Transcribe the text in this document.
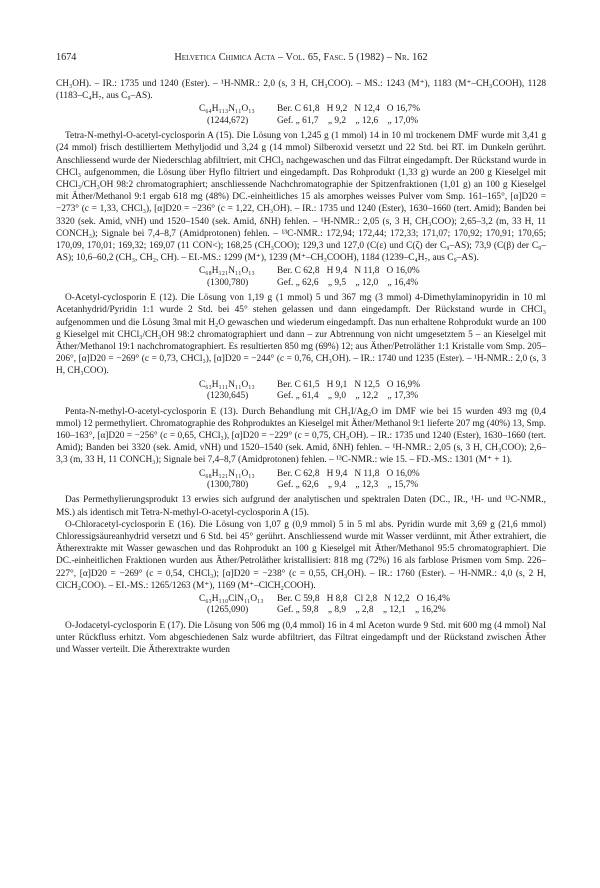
1674	Helvetica Chimica Acta – Vol. 65, Fasc. 5 (1982) – Nr. 162

CH₃OH). – IR.: 1735 und 1240 (Ester). – ¹H-NMR.: 2,0 (s, 3 H, CH₃COO). – MS.: 1243 (M⁺), 1183 (M⁺–CH₃COOH), 1128 (1183–C₄H₇, aus C₉–AS).

C₆₄H₁₁₃N₁₁O₁₃
(1244,672)
Ber. C 61,8   H 9,2   N 12,4   O 16,7%
Gef. „ 61,7    „ 9,2    „ 12,6    „ 17,0%

Tetra-N-methyl-O-acetyl-cyclosporin A (15). Die Lösung von 1,245 g (1 mmol) 14 in 10 ml trockenem DMF wurde mit 3,41 g (24 mmol) frisch destilliertem Methyljodid und 3,24 g (14 mmol) Silberoxid versetzt und 22 Std. bei RT. im Dunkeln gerührt. Anschliessend wurde der Niederschlag abfiltriert, mit CHCl₃ nachgewaschen und das Filtrat eingedampft. Der Rückstand wurde in CHCl₃ aufgenommen, die Lösung über Hyflo filtriert und eingedampft. Das Rohprodukt (1,33 g) wurde an 200 g Kieselgel mit CHCl₃/CH₃OH 98:2 chromatographiert; anschliessende Nachchromatographie der Spitzenfraktionen (1,01 g) an 100 g Kieselgel mit Äther/Methanol 9:1 ergab 618 mg (48%) DC.-einheitliches 15 als amorphes weisses Pulver vom Smp. 161–165°, [α]D20 = −273° (c = 1,33, CHCl₃), [α]D20 = −236° (c = 1,22, CH₃OH). – IR.: 1735 und 1240 (Ester), 1630–1660 (tert. Amid); Banden bei 3320 (sek. Amid, νNH) und 1520–1540 (sek. Amid, δNH) fehlen. – ¹H-NMR.: 2,05 (s, 3 H, CH₃COO); 2,65–3,2 (m, 33 H, 11 CONCH₃); Signale bei 7,4–8,7 (Amidprotonen) fehlen. – ¹³C-NMR.: 172,94; 172,44; 172,33; 171,07; 170,92; 170,91; 170,65; 170,09, 170,01; 169,32; 169,07 (11 CON<); 168,25 (CH₃COO); 129,3 und 127,0 (C(ε) und C(ζ) der C₉–AS); 73,9 (C(β) der C₉–AS); 10,6–60,2 (CH₃, CH₂, CH). – EI.-MS.: 1299 (M⁺), 1239 (M⁺–CH₃COOH), 1184 (1239–C₄H₇, aus C₉–AS).

C₆₈H₁₂₁N₁₁O₁₃
(1300,780)
Ber. C 62,8   H 9,4   N 11,8   O 16,0%
Gef. „ 62,6    „ 9,5    „ 12,0    „ 16,4%

O-Acetyl-cyclosporin E (12). Die Lösung von 1,19 g (1 mmol) 5 und 367 mg (3 mmol) 4-Dimethylaminopyridin in 10 ml Acetanhydrid/Pyridin 1:1 wurde 2 Std. bei 45° stehen gelassen und dann eingedampft. Der Rückstand wurde in CHCl₃ aufgenommen und die Lösung 3mal mit H₂O gewaschen und wiederum eingedampft. Das nun erhaltene Rohprodukt wurde an 100 g Kieselgel mit CHCl₃/CH₃OH 98:2 chromatographiert und dann – zur Abtrennung von nicht umgesetztem 5 – an Kieselgel mit Äther/Methanol 19:1 nachchromatographiert. Es resultierten 850 mg (69%) 12; aus Äther/Petroläther 1:1 Kristalle vom Smp. 205–206°, [α]D20 = −269° (c = 0,73, CHCl₃), [α]D20 = −244° (c = 0,76, CH₃OH). – IR.: 1740 und 1235 (Ester). – ¹H-NMR.: 2,0 (s, 3 H, CH₃COO).

C₆₃H₁₁₁N₁₁O₁₃
(1230,645)
Ber. C 61,5   H 9,1   N 12,5   O 16,9%
Gef. „ 61,4    „ 9,0    „ 12,2    „ 17,3%

Penta-N-methyl-O-acetyl-cyclosporin E (13). Durch Behandlung mit CH₃I/Ag₂O im DMF wie bei 15 wurden 493 mg (0,4 mmol) 12 permethyliert. Chromatographie des Rohproduktes an Kieselgel mit Äther/Methanol 9:1 lieferte 207 mg (40%) 13, Smp. 160–163°, [α]D20 = −256° (c = 0,65, CHCl₃), [α]D20 = −229° (c = 0,75, CH₃OH). – IR.: 1735 und 1240 (Ester), 1630–1660 (tert. Amid); Banden bei 3320 (sek. Amid, νNH) und 1520–1540 (sek. Amid, δNH) fehlen. – ¹H-NMR.: 2,05 (s, 3 H, CH₃COO); 2,6–3,3 (m, 33 H, 11 CONCH₃); Signale bei 7,4–8,7 (Amidprotonen) fehlen. – ¹³C-NMR.: wie 15. – FD.-MS.: 1301 (M⁺ + 1).

C₆₈H₁₂₁N₁₁O₁₃
(1300,780)
Ber. C 62,8   H 9,4   N 11,8   O 16,0%
Gef. „ 62,6    „ 9,4    „ 12,3    „ 15,7%

Das Permethylierungsprodukt 13 erwies sich aufgrund der analytischen und spektralen Daten (DC., IR., ¹H- und ¹³C-NMR., MS.) als identisch mit Tetra-N-methyl-O-acetyl-cyclosporin A (15).

O-Chloracetyl-cyclosporin E (16). Die Lösung von 1,07 g (0,9 mmol) 5 in 5 ml abs. Pyridin wurde mit 3,69 g (21,6 mmol) Chloressigsäureanhydrid versetzt und 6 Std. bei 45° gerührt. Anschliessend wurde mit Wasser verdünnt, mit Äther extrahiert, die Ätherextrakte mit Wasser gewaschen und das Rohprodukt an 100 g Kieselgel mit Äther/Methanol 95:5 chromatographiert. Die DC.-einheitlichen Fraktionen wurden aus Äther/Petroläther kristallisiert: 818 mg (72%) 16 als farblose Prismen vom Smp. 226–227°, [α]D20 = −269° (c = 0,54, CHCl₃); [α]D20 = −238° (c = 0,55, CH₃OH). – IR.: 1760 (Ester). – ¹H-NMR.: 4,0 (s, 2 H, ClCH₂COO). – EI.-MS.: 1265/1263 (M⁺), 1169 (M⁺–ClCH₂COOH).

C₆₃H₁₁₀ClN₁₁O₁₃
(1265,090)
Ber. C 59,8   H 8,8   Cl 2,8   N 12,2   O 16,4%
Gef. „ 59,8    „ 8,9    „ 2,8    „ 12,1    „ 16,2%

O-Jodacetyl-cyclosporin E (17). Die Lösung von 506 mg (0,4 mmol) 16 in 4 ml Aceton wurde 9 Std. mit 600 mg (4 mmol) NaI unter Rückfluss erhitzt. Vom abgeschiedenen Salz wurde abfiltriert, das Filtrat eingedampft und der Rückstand zwischen Äther und Wasser verteilt. Die Ätherextrakte wurden
